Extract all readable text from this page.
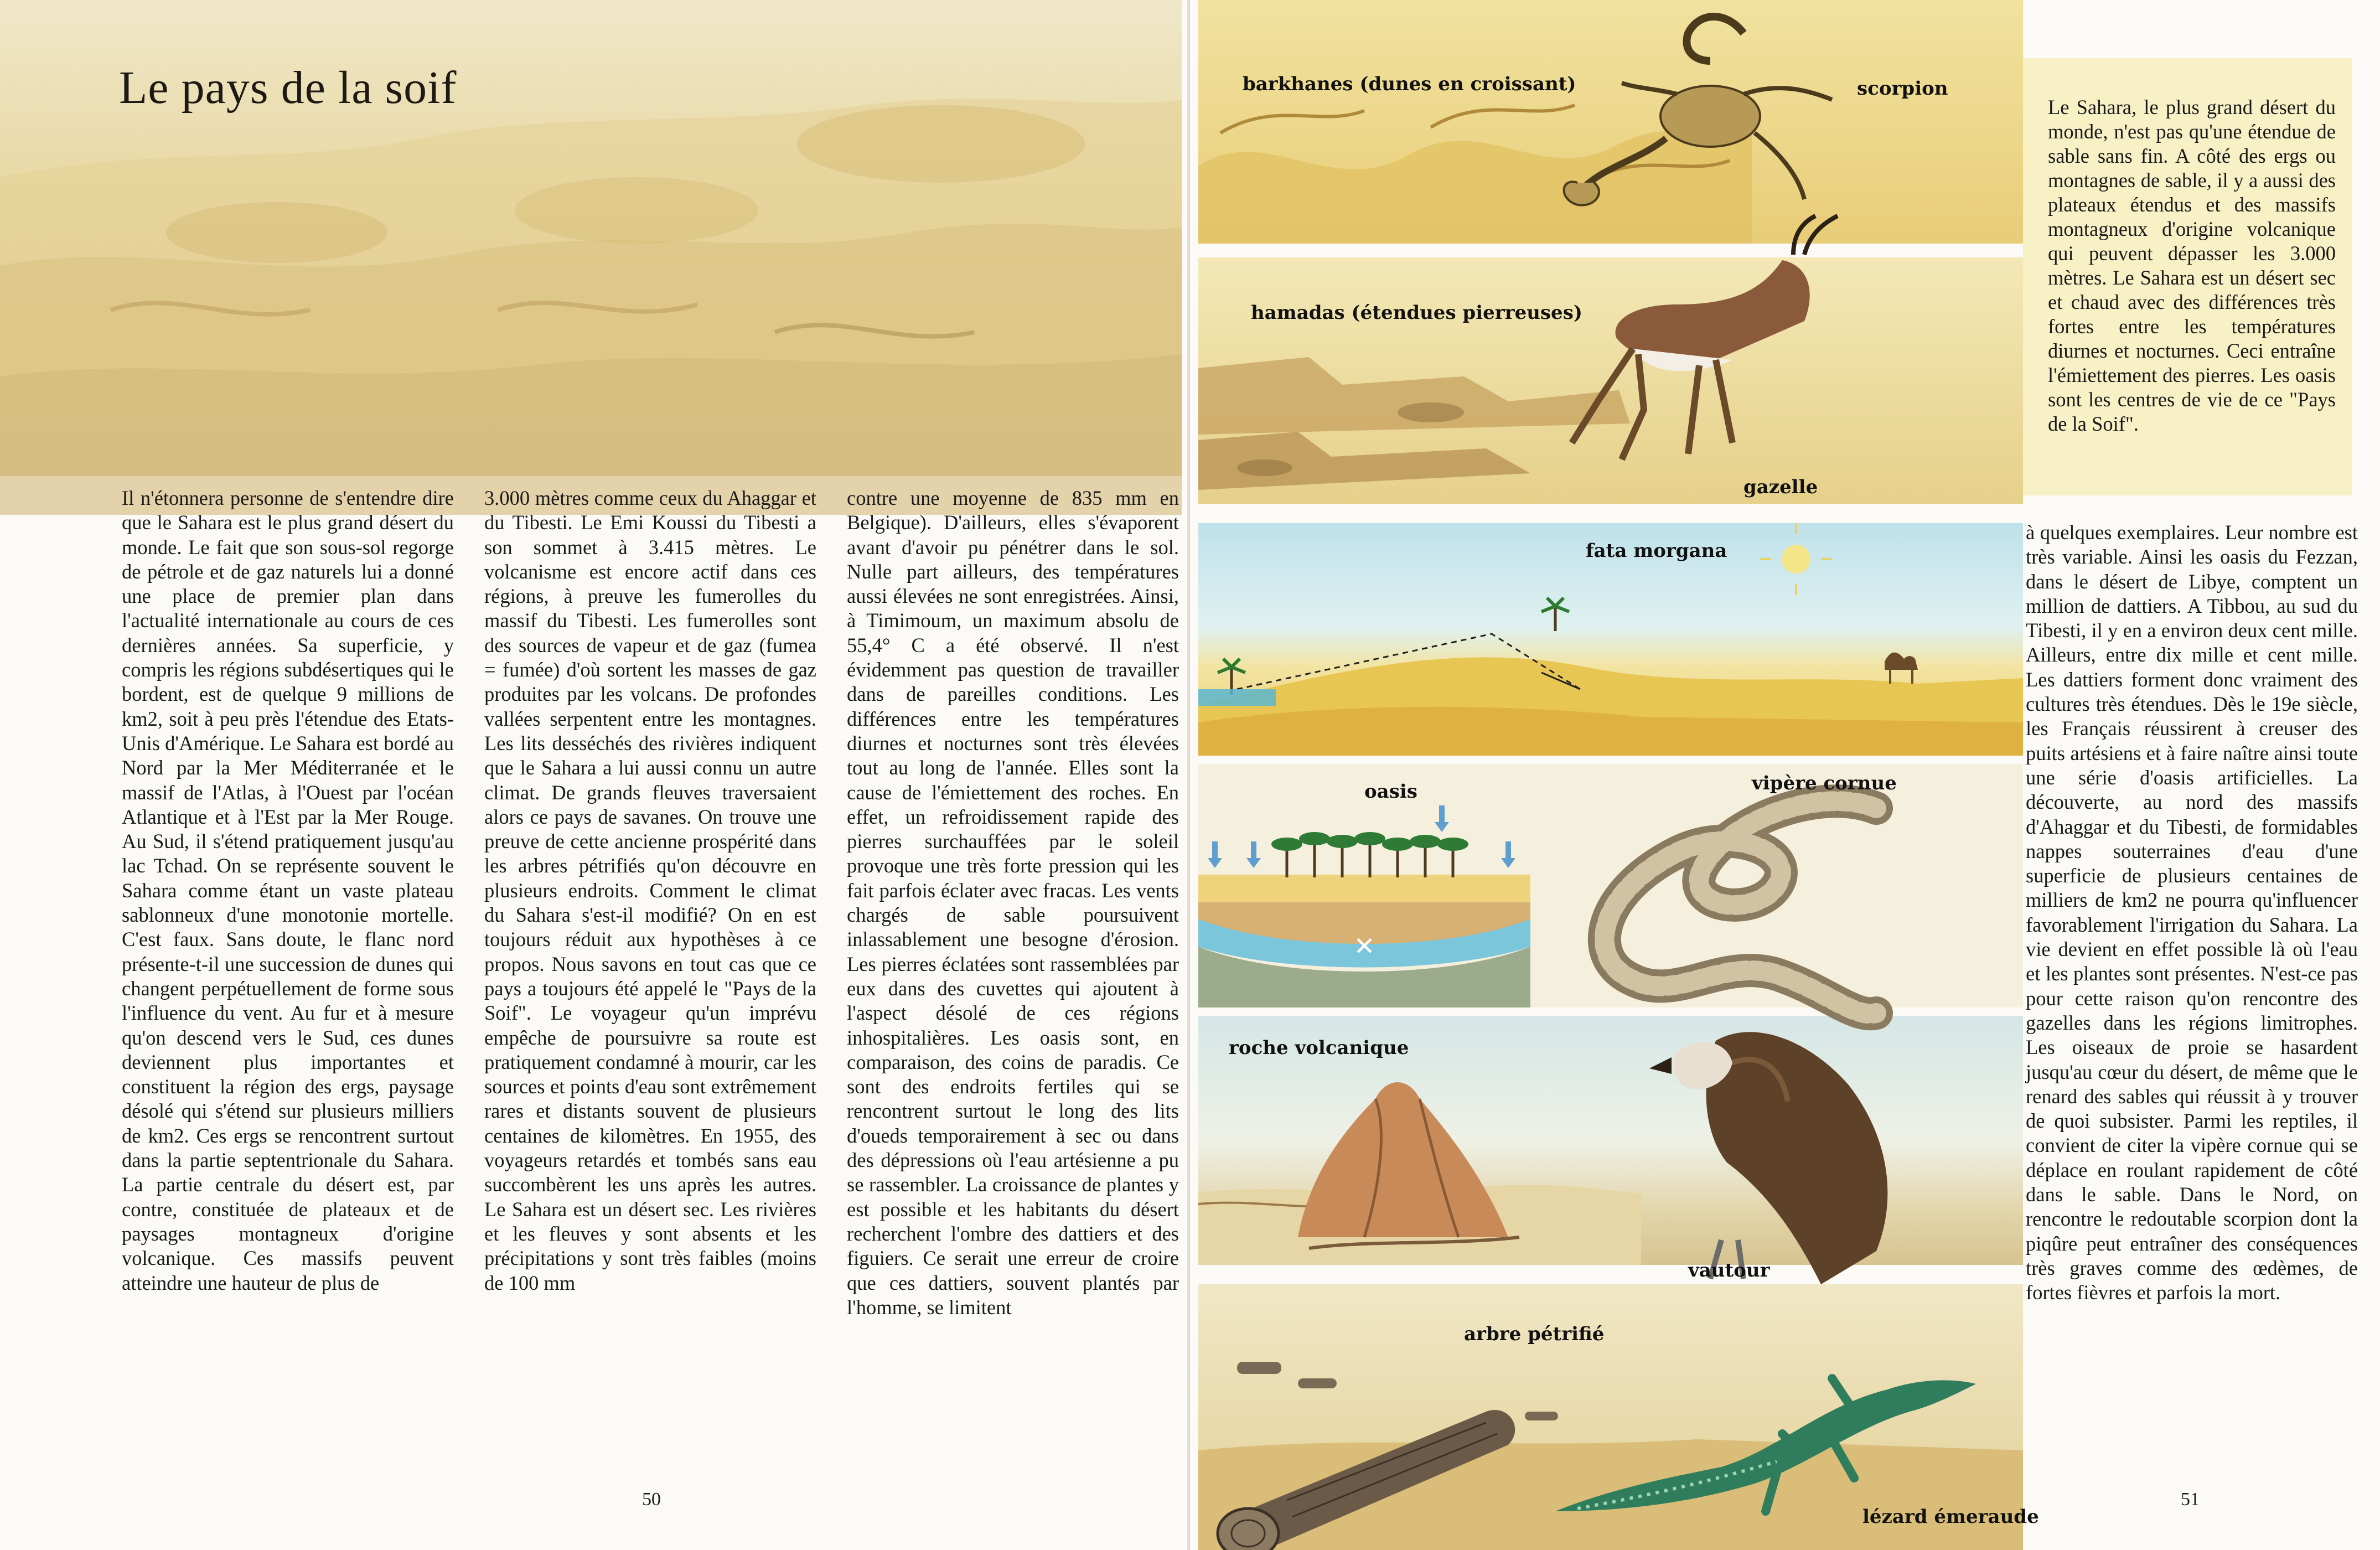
Le pays de la soif

Il n'étonnera personne de s'entendre dire que le Sahara est le plus grand désert du monde. Le fait que son sous-sol regorge de pétrole et de gaz naturels lui a donné une place de premier plan dans l'actualité internationale au cours de ces dernières années. Sa superficie, y compris les régions subdésertiques qui le bordent, est de quelque 9 millions de km2, soit à peu près l'étendue des Etats-Unis d'Amérique. Le Sahara est bordé au Nord par la Mer Méditerranée et le massif de l'Atlas, à l'Ouest par l'océan Atlantique et à l'Est par la Mer Rouge. Au Sud, il s'étend pratiquement jusqu'au lac Tchad. On se représente souvent le Sahara comme étant un vaste plateau sablonneux d'une monotonie mortelle. C'est faux. Sans doute, le flanc nord présente-t-il une succession de dunes qui changent perpétuellement de forme sous l'influence du vent. Au fur et à mesure qu'on descend vers le Sud, ces dunes deviennent plus importantes et constituent la région des ergs, paysage désolé qui s'étend sur plusieurs milliers de km2. Ces ergs se rencontrent surtout dans la partie septentrionale du Sahara. La partie centrale du désert est, par contre, constituée de plateaux et de paysages montagneux d'origine volcanique. Ces massifs peuvent atteindre une hauteur de plus de

3.000 mètres comme ceux du Ahaggar et du Tibesti. Le Emi Koussi du Tibesti a son sommet à 3.415 mètres. Le volcanisme est encore actif dans ces régions, à preuve les fumerolles du massif du Tibesti. Les fumerolles sont des sources de vapeur et de gaz (fumea = fumée) d'où sortent les masses de gaz produites par les volcans. De profondes vallées serpentent entre les montagnes. Les lits desséchés des rivières indiquent que le Sahara a lui aussi connu un autre climat. De grands fleuves traversaient alors ce pays de savanes. On trouve une preuve de cette ancienne prospérité dans les arbres pétrifiés qu'on découvre en plusieurs endroits. Comment le climat du Sahara s'est-il modifié? On en est toujours réduit aux hypothèses à ce propos. Nous savons en tout cas que ce pays a toujours été appelé le "Pays de la Soif". Le voyageur qu'un imprévu empêche de poursuivre sa route est pratiquement condamné à mourir, car les sources et points d'eau sont extrêmement rares et distants souvent de plusieurs centaines de kilomètres. En 1955, des voyageurs retardés et tombés sans eau succombèrent les uns après les autres. Le Sahara est un désert sec. Les rivières et les fleuves y sont absents et les précipitations y sont très faibles (moins de 100 mm

contre une moyenne de 835 mm en Belgique). D'ailleurs, elles s'évaporent avant d'avoir pu pénétrer dans le sol. Nulle part ailleurs, des températures aussi élevées ne sont enregistrées. Ainsi, à Timimoum, un maximum absolu de 55,4° C a été observé. Il n'est évidemment pas question de travailler dans de pareilles conditions. Les différences entre les températures diurnes et nocturnes sont très élevées tout au long de l'année. Elles sont la cause de l'émiettement des roches. En effet, un refroidissement rapide des pierres surchauffées par le soleil provoque une très forte pression qui les fait parfois éclater avec fracas. Les vents chargés de sable poursuivent inlassablement une besogne d'érosion. Les pierres éclatées sont rassemblées par eux dans des cuvettes qui ajoutent à l'aspect désolé de ces régions inhospitalières. Les oasis sont, en comparaison, des coins de paradis. Ce sont des endroits fertiles qui se rencontrent surtout le long des lits d'oueds temporairement à sec ou dans des dépressions où l'eau artésienne a pu se rassembler. La croissance de plantes y est possible et les habitants du désert recherchent l'ombre des dattiers et des figuiers. Ce serait une erreur de croire que ces dattiers, souvent plantés par l'homme, se limitent

50
barkhanes (dunes en croissant)
hamadas (étendues pierreuses)
fata morgana
✕
oasis
roche volcanique
arbre pétrifié
scorpion
gazelle
vipère cornue
vautour
lézard émeraude

Le Sahara, le plus grand désert du monde, n'est pas qu'une étendue de sable sans fin. A côté des ergs ou montagnes de sable, il y a aussi des plateaux étendus et des massifs montagneux d'origine volcanique qui peuvent dépasser les 3.000 mètres. Le Sahara est un désert sec et chaud avec des différences très fortes entre les températures diurnes et nocturnes. Ceci entraîne l'émiettement des pierres. Les oasis sont les centres de vie de ce "Pays de la Soif".

à quelques exemplaires. Leur nombre est très variable. Ainsi les oasis du Fezzan, dans le désert de Libye, comptent un million de dattiers. A Tibbou, au sud du Tibesti, il y en a environ deux cent mille. Ailleurs, entre dix mille et cent mille. Les dattiers forment donc vraiment des cultures très étendues. Dès le 19e siècle, les Français réussirent à creuser des puits artésiens et à faire naître ainsi toute une série d'oasis artificielles. La découverte, au nord des massifs d'Ahaggar et du Tibesti, de formidables nappes souterraines d'eau d'une superficie de plusieurs centaines de milliers de km2 ne pourra qu'influencer favorablement l'irrigation du Sahara. La vie devient en effet possible là où l'eau et les plantes sont présentes. N'est-ce pas pour cette raison qu'on rencontre des gazelles dans les régions limitrophes. Les oiseaux de proie se hasardent jusqu'au cœur du désert, de même que le renard des sables qui réussit à y trouver de quoi subsister. Parmi les reptiles, il convient de citer la vipère cornue qui se déplace en roulant rapidement de côté dans le sable. Dans le Nord, on rencontre le redoutable scorpion dont la piqûre peut entraîner des conséquences très graves comme des œdèmes, de fortes fièvres et parfois la mort.

51
